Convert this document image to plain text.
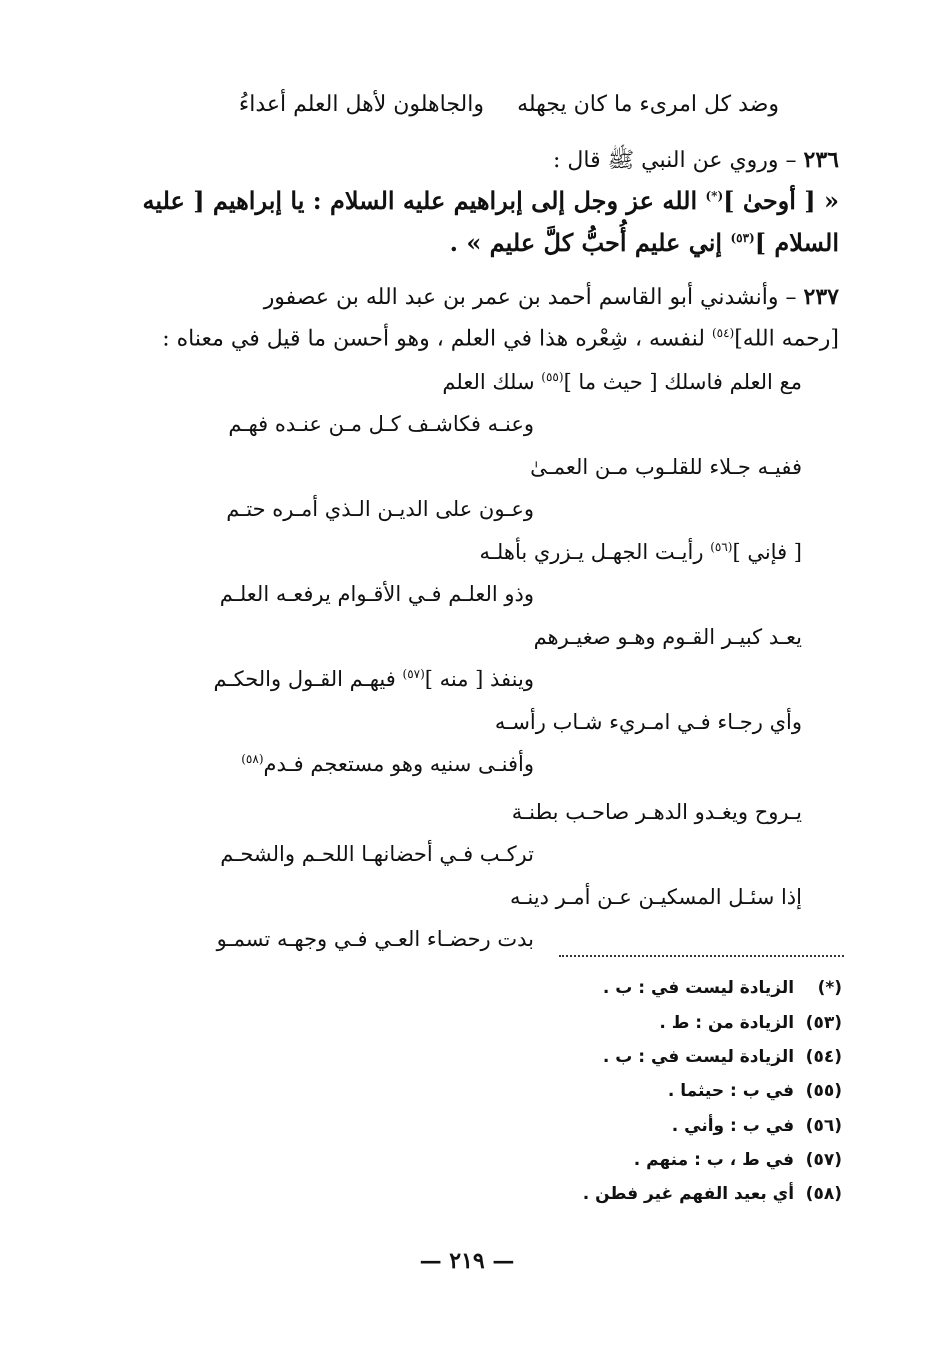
وضد كل امرىء ما كان يجهله
والجاهلون لأهل العلم أعداءُ
٢٣٦ – وروي عن النبي ﷺ قال :
« [ أوحىٰ ](*) الله عز وجل إلى إبراهيم عليه السلام : يا إبراهيم [ عليه
السلام ]$^{(٥٣)}$ إني عليم أُحبُّ كلَّ عليم » .
٢٣٧ – وأنشدني أبو القاسم أحمد بن عمر بن عبد الله بن عصفور
[رحمه الله]$^{(٥٤)}$ لنفسه ، شِعْره هذا في العلم ، وهو أحسن ما قيل في معناه :
مع العلم فاسلك [ حيث ما ]$^{(٥٥)}$ سلك العلم
وعنـه فكاشـف كـل مـن عنـده فهـم
ففيـه جـلاء للقلـوب مـن العمـىٰ
وعـون على الديـن الـذي أمـره حتـم
[ فإني ]$^{(٥٦)}$ رأيـت الجهـل يـزري بأهلـه
وذو العلـم فـي الأقـوام يرفعـه العلـم
يعـد كبيـر القـوم وهـو صغيـرهم
وينفذ [ منه ]$^{(٥٧)}$ فيهـم القـول والحكـم
وأي رجـاء فـي امـريء شـاب رأسـه
وأفنـى سنيه وهو مستعجم فـدم$^{(٥٨)}$
يـروح ويغـدو الدهـر صاحـب بطنـة
تركـب فـي أحضانهـا اللحـم والشحـم
إذا سئـل المسكيـن عـن أمـر دينـه
بدت رحضـاء العـي فـي وجهـه تسمـو
(*) الزيادة ليست في : ب .
(٥٣) الزيادة من : ط .
(٥٤) الزيادة ليست في : ب .
(٥٥) في ب : حيثما .
(٥٦) في ب : وأني .
(٥٧) في ط ، ب : منهم .
(٥٨) أي بعيد الفهم غير فطن .
— ٢١٩ —
